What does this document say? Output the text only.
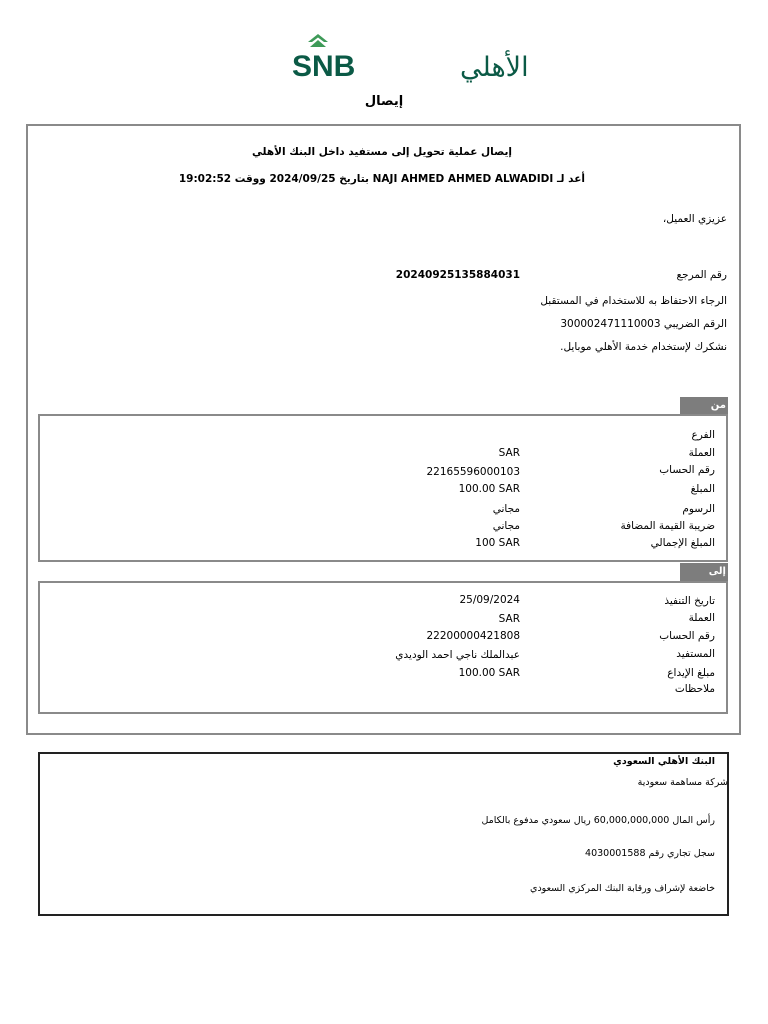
SNB	الأهلي
إيصال
إيصال عملية تحويل إلى مستفيد داخل البنك الأهلي
أعد لـ NAJI AHMED AHMED ALWADIDI بتاريخ 2024/09/25 ووقت 19:02:52
عزيزي العميل،
رقم المرجع
20240925135884031
الرجاء الاحتفاظ به للاستخدام في المستقبل
الرقم الضريبي 300002471110003
نشكرك لإستخدام خدمة الأهلي موبايل.
من
الفرع
العملة
SAR
رقم الحساب
22165596000103
المبلغ
100.00 SAR
الرسوم
مجاني
ضريبة القيمة المضافة
مجاني
المبلغ الإجمالي
100 SAR
إلى
تاريخ التنفيذ
25/09/2024
العملة
SAR
رقم الحساب
22200000421808
المستفيد
عبدالملك ناجي احمد الوديدي
مبلغ الإيداع
100.00 SAR
ملاحظات
البنك الأهلي السعودي
شركة مساهمة سعودية
رأس المال 60,000,000,000 ريال سعودي مدفوع بالكامل
سجل تجاري رقم 4030001588
خاضعة لإشراف ورقابة البنك المركزي السعودي
